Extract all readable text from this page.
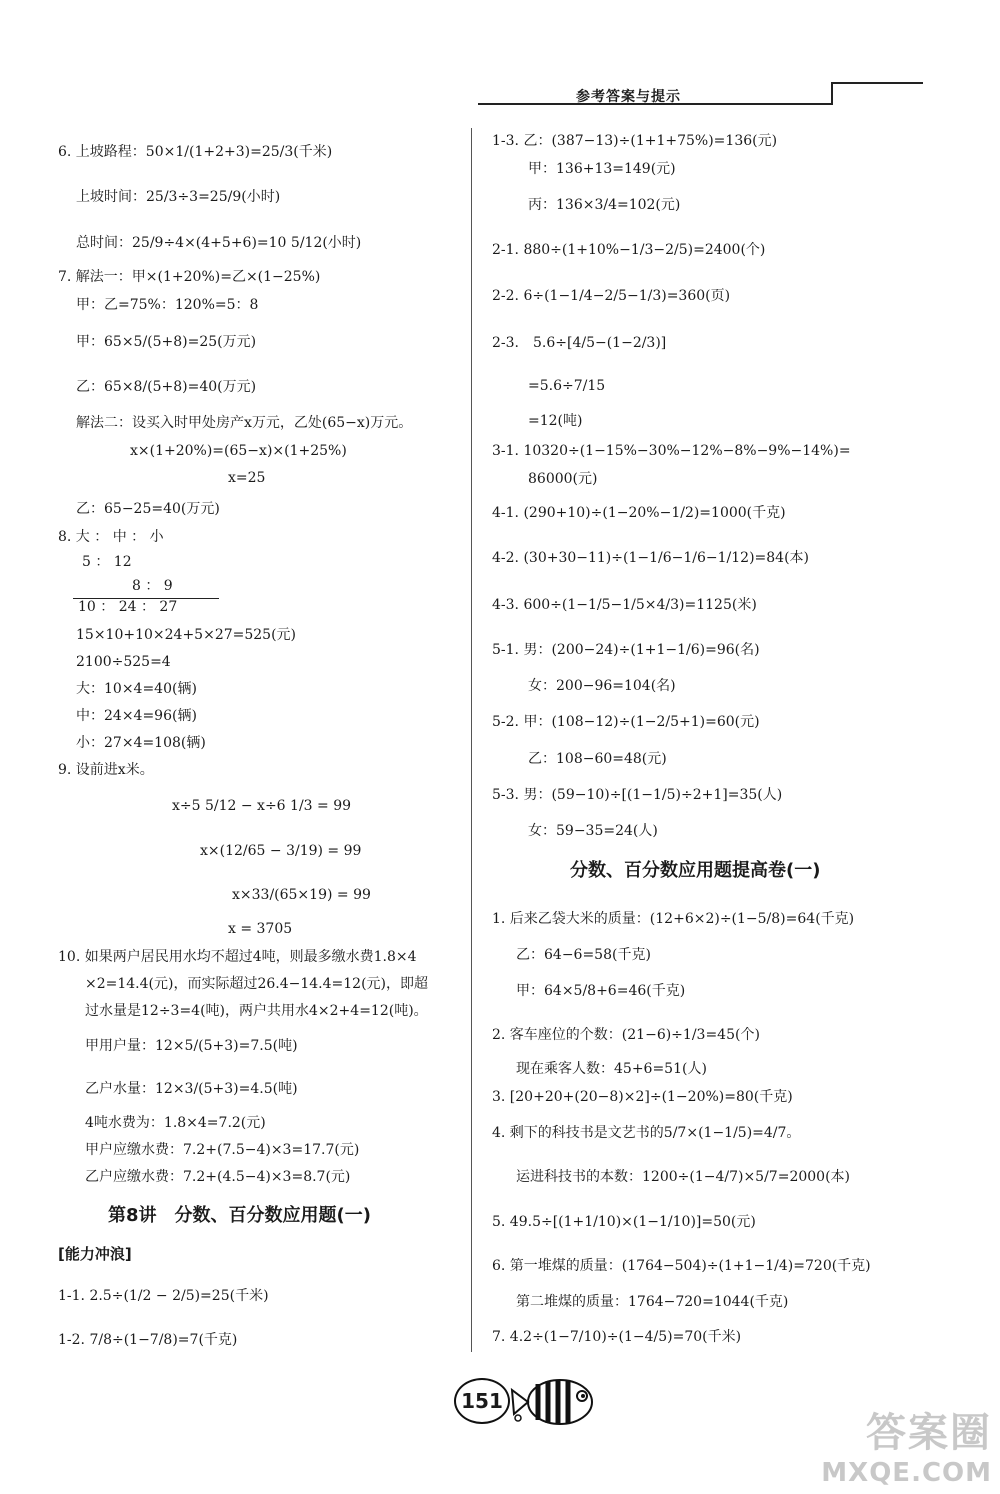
参考答案与提示
6. 上坡路程：50×1/(1+2+3)=25/3(千米)
上坡时间：25/3÷3=25/9(小时)
总时间：25/9÷4×(4+5+6)=10 5/12(小时)
7. 解法一：甲×(1+20%)=乙×(1−25%)
甲：乙=75%：120%=5：8
甲：65×5/(5+8)=25(万元)
乙：65×8/(5+8)=40(万元)
解法二：设买入时甲处房产x万元，乙处(65−x)万元。
x×(1+20%)=(65−x)×(1+25%)
x=25
乙：65−25=40(万元)
8. 大 ： 中 ： 小
5 ： 12
8 ： 9
10 ： 24 ： 27
15×10+10×24+5×27=525(元)
2100÷525=4
大：10×4=40(辆)
中：24×4=96(辆)
小：27×4=108(辆)
9. 设前进x米。
x÷5 5/12 − x÷6 1/3 = 99
x×(12/65 − 3/19) = 99
x×33/(65×19) = 99
x = 3705
10. 如果两户居民用水均不超过4吨，则最多缴水费1.8×4
×2=14.4(元)，而实际超过26.4−14.4=12(元)，即超
过水量是12÷3=4(吨)，两户共用水4×2+4=12(吨)。
甲用户量：12×5/(5+3)=7.5(吨)
乙户水量：12×3/(5+3)=4.5(吨)
4吨水费为：1.8×4=7.2(元)
甲户应缴水费：7.2+(7.5−4)×3=17.7(元)
乙户应缴水费：7.2+(4.5−4)×3=8.7(元)
第8讲　分数、百分数应用题(一)
[能力冲浪]
1-1. 2.5÷(1/2 − 2/5)=25(千米)
1-2. 7/8÷(1−7/8)=7(千克)
1-3. 乙：(387−13)÷(1+1+75%)=136(元)
甲：136+13=149(元)
丙：136×3/4=102(元)
2-1. 880÷(1+10%−1/3−2/5)=2400(个)
2-2. 6÷(1−1/4−2/5−1/3)=360(页)
2-3.　5.6÷[4/5−(1−2/3)]
=5.6÷7/15
=12(吨)
3-1. 10320÷(1−15%−30%−12%−8%−9%−14%)=
86000(元)
4-1. (290+10)÷(1−20%−1/2)=1000(千克)
4-2. (30+30−11)÷(1−1/6−1/6−1/12)=84(本)
4-3. 600÷(1−1/5−1/5×4/3)=1125(米)
5-1. 男：(200−24)÷(1+1−1/6)=96(名)
女：200−96=104(名)
5-2. 甲：(108−12)÷(1−2/5+1)=60(元)
乙：108−60=48(元)
5-3. 男：(59−10)÷[(1−1/5)÷2+1]=35(人)
女：59−35=24(人)
分数、百分数应用题提高卷(一)
1. 后来乙袋大米的质量：(12+6×2)÷(1−5/8)=64(千克)
乙：64−6=58(千克)
甲：64×5/8+6=46(千克)
2. 客车座位的个数：(21−6)÷1/3=45(个)
现在乘客人数：45+6=51(人)
3. [20+20+(20−8)×2]÷(1−20%)=80(千克)
4. 剩下的科技书是文艺书的5/7×(1−1/5)=4/7。
运进科技书的本数：1200÷(1−4/7)×5/7=2000(本)
5. 49.5÷[(1+1/10)×(1−1/10)]=50(元)
6. 第一堆煤的质量：(1764−504)÷(1+1−1/4)=720(千克)
第二堆煤的质量：1764−720=1044(千克)
7. 4.2÷(1−7/10)÷(1−4/5)=70(千米)
151
答案圈
MXQE.COM
